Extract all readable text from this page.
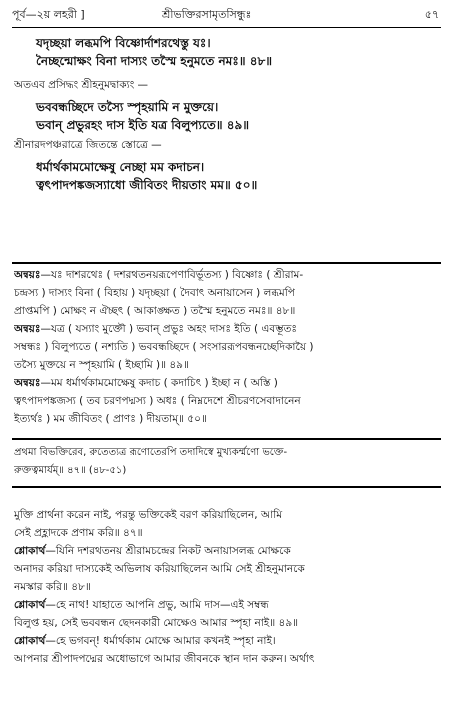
পূর্ব—২য় লহরী ]	শ্রীভক্তিরসামৃতসিন্ধুঃ	৫৭
যদৃচ্ছয়া লব্ধমপি বিষ্ণোর্দাশরথেস্তু যঃ।
নৈচ্ছন্মোক্ষং বিনা দাস্যং তস্মৈ হনুমতে নমঃ॥ ৪৮॥
অতএব প্রসিদ্ধং শ্রীহনুমদ্বাক্যং —
ভববন্ধচ্ছিদে তস্যৈ স্পৃহয়ামি ন মুক্তয়ে।
ভবান্ প্রভুরহং দাস ইতি যত্র বিলুপ্যতে॥ ৪৯॥
শ্রীনারদপঞ্চরাত্রে জিতন্তে স্তোত্রে —
ধর্মার্থকামমোক্ষেষু নেচ্ছা মম কদাচন।
ত্বৎপাদপঙ্কজস্যাধো জীবিতং দীয়তাং মম॥ ৫০॥
অন্বয়ঃ—যঃ দাশরথেঃ ( দশরথতনয়রূপেণাবির্ভূতস্য ) বিষ্ণোঃ ( শ্রীরাম-
চন্দ্রস্য ) দাস্যং বিনা ( বিহায় ) যদৃচ্ছয়া ( দৈবাৎ অনায়াসেন ) লব্ধমপি
প্রাপ্তমপি ) মোক্ষং ন ঐচ্ছৎ ( আকাঙ্ক্ষত ) তস্মৈ হনুমতে নমঃ॥ ৪৮॥
অন্বয়ঃ—যত্র ( যস্যাং মুক্তৌ ) ভবান্ প্রভুঃ অহং দাসঃ ইতি ( এবম্ভূতঃ
সম্বন্ধঃ ) বিলুপ্যতে ( নশ্যতি ) ভববন্ধচ্ছিদে ( সংসাররূপবন্ধনচ্ছেদিকায়ৈ )
তস্যৈ মুক্তয়ে ন স্পৃহয়ামি ( ইচ্ছামি )॥ ৪৯॥
অন্বয়ঃ—মম ধর্মার্থকামমোক্ষেষু কদাচ ( কদাচিৎ ) ইচ্ছা ন ( অস্তি )
ত্বৎপাদপঙ্কজস্য ( তব চরণপদ্মস্য ) অধঃ ( নিম্নদেশে শ্রীচরণসেবাদানেন
ইত্যর্থঃ ) মম জীবিতং ( প্রাণঃ ) দীয়তাম্॥ ৫০॥
প্রথমা বিভক্তিরেব, রুতেত্যত্র রূণোতেরপি তদাদিস্বে মুখ্যকর্ম্মণো ভক্তে-
রুক্তত্বমার্যম্॥ ৪৭॥ (৪৮-৫১)
মুক্তি প্রার্থনা করেন নাই, পরন্তু ভক্তিকেই বরণ করিয়াছিলেন, আমি
সেই প্রহ্লাদকে প্রণাম করি॥ ৪৭॥
শ্লোকার্থ—যিনি দশরথতনয় শ্রীরামচন্দ্রের নিকট অনায়াসলব্ধ মোক্ষকে
অনাদর করিয়া দাস্যকেই অভিলাষ করিয়াছিলেন আমি সেই শ্রীহনুমানকে
নমস্কার করি॥ ৪৮॥
শ্লোকার্থ—হে নাথ! যাহাতে আপনি প্রভু, আমি দাস—এই সম্বন্ধ
বিলুপ্ত হয়, সেই ভববন্ধন ছেদনকারী মোক্ষেও আমার স্পৃহা নাই॥ ৪৯॥
শ্লোকার্থ—হে ভগবন্! ধর্মার্থকাম মোক্ষে আমার কখনই স্পৃহা নাই।
আপনার শ্রীপাদপদ্মের অধোভাগে আমার জীবনকে স্থান দান করুন। অর্থাৎ
